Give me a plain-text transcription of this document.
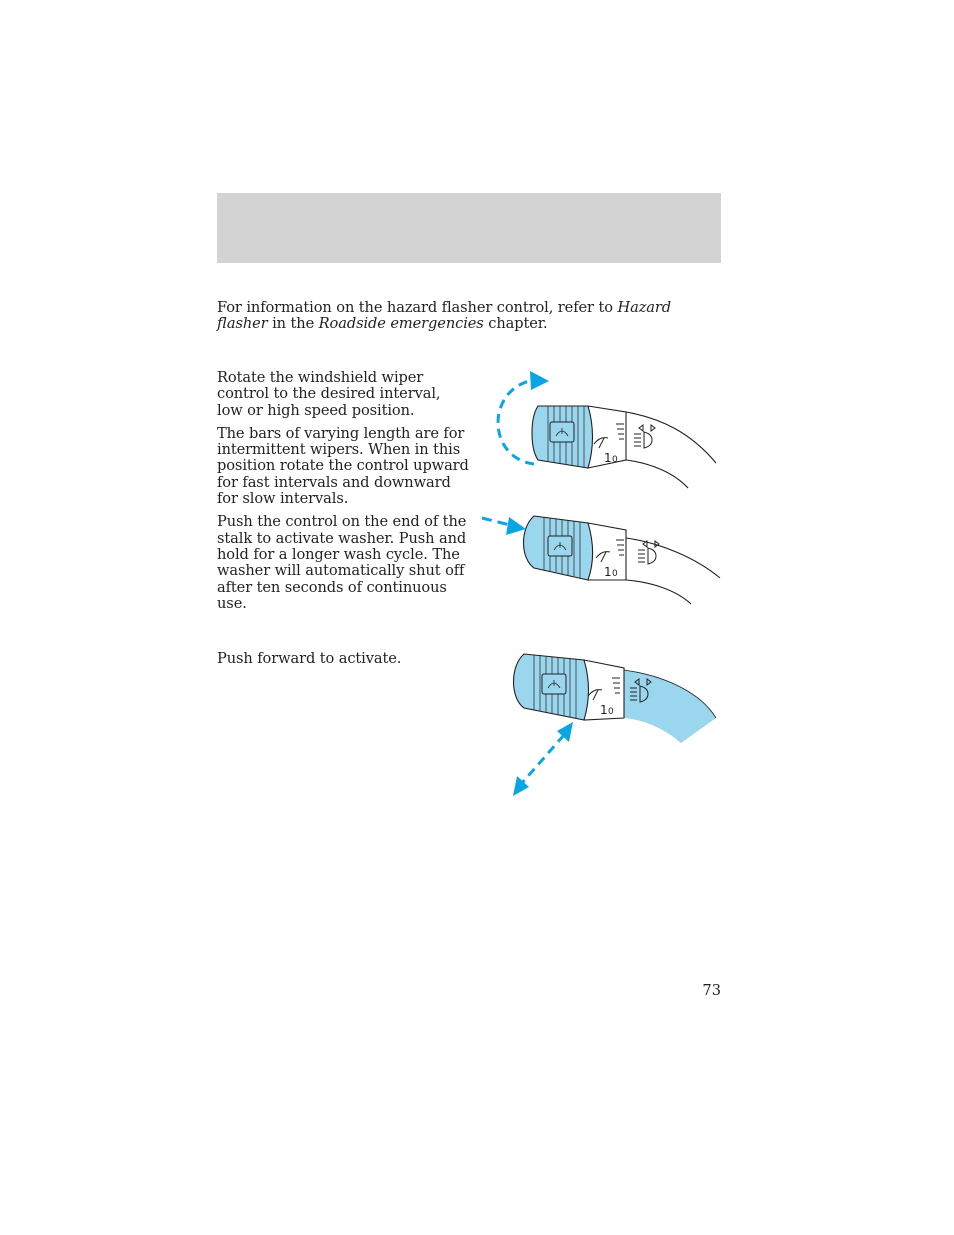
For information on the hazard flasher control, refer to Hazard flasher in the Roadside emergencies chapter.

Rotate the windshield wiper control to the desired interval, low or high speed position.

The bars of varying length are for intermittent wipers. When in this position rotate the control upward for fast intervals and downward for slow intervals.

Push the control on the end of the stalk to activate washer. Push and hold for a longer wash cycle. The washer will automatically shut off after ten seconds of continuous use.

Push forward to activate.

1 0
1 0
1 0
73
